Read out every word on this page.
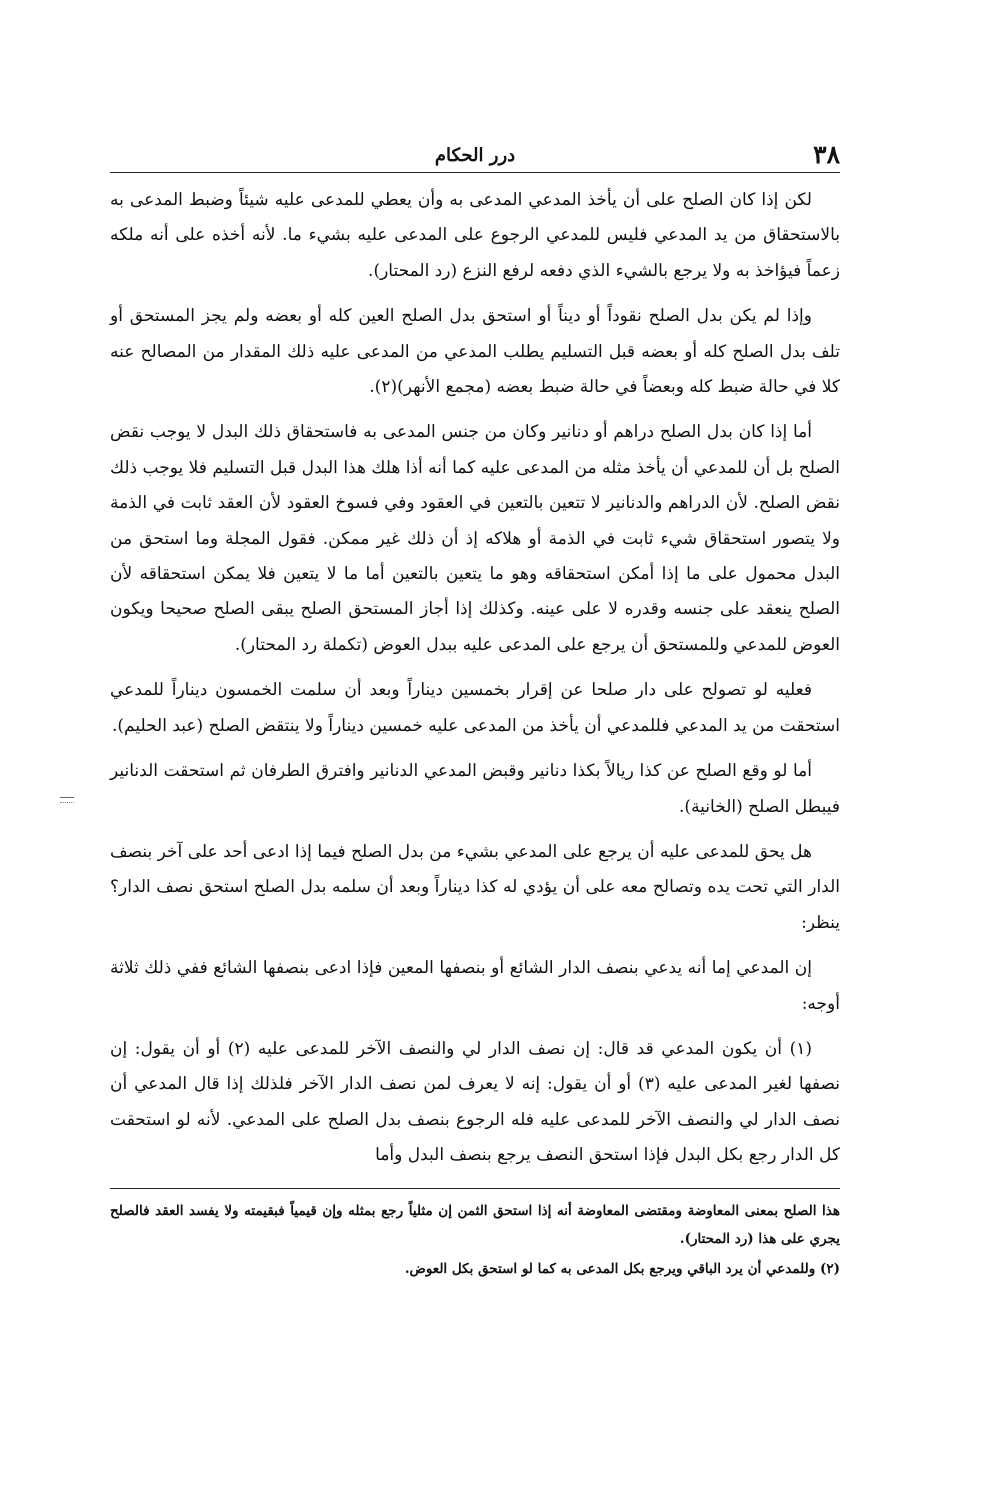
٣٨
درر الحكام

لكن إذا كان الصلح على أن يأخذ المدعي المدعى به وأن يعطي للمدعى عليه شيئاً وضبط المدعى به بالاستحقاق من يد المدعي فليس للمدعي الرجوع على المدعى عليه بشيء ما. لأنه أخذه على أنه ملكه زعماً فيؤاخذ به ولا يرجع بالشيء الذي دفعه لرفع النزع (رد المحتار).

وإذا لم يكن بدل الصلح نقوداً أو ديناً أو استحق بدل الصلح العين كله أو بعضه ولم يجز المستحق أو تلف بدل الصلح كله أو بعضه قبل التسليم يطلب المدعي من المدعى عليه ذلك المقدار من المصالح عنه كلا في حالة ضبط كله وبعضاً في حالة ضبط بعضه (مجمع الأنهر)(٢).

أما إذا كان بدل الصلح دراهم أو دنانير وكان من جنس المدعى به فاستحقاق ذلك البدل لا يوجب نقض الصلح بل أن للمدعي أن يأخذ مثله من المدعى عليه كما أنه أذا هلك هذا البدل قبل التسليم فلا يوجب ذلك نقض الصلح. لأن الدراهم والدنانير لا تتعين بالتعين في العقود وفي فسوخ العقود لأن العقد ثابت في الذمة ولا يتصور استحقاق شيء ثابت في الذمة أو هلاكه إذ أن ذلك غير ممكن. فقول المجلة وما استحق من البدل محمول على ما إذا أمكن استحقاقه وهو ما يتعين بالتعين أما ما لا يتعين فلا يمكن استحقاقه لأن الصلح ينعقد على جنسه وقدره لا على عينه. وكذلك إذا أجاز المستحق الصلح يبقى الصلح صحيحا ويكون العوض للمدعي وللمستحق أن يرجع على المدعى عليه ببدل العوض (تكملة رد المحتار).

فعليه لو تصولح على دار صلحا عن إقرار بخمسين ديناراً وبعد أن سلمت الخمسون ديناراً للمدعي استحقت من يد المدعي فللمدعي أن يأخذ من المدعى عليه خمسين ديناراً ولا ينتقض الصلح (عبد الحليم).

أما لو وقع الصلح عن كذا ريالاً بكذا دنانير وقبض المدعي الدنانير وافترق الطرفان ثم استحقت الدنانير فيبطل الصلح (الخانية).

هل يحق للمدعى عليه أن يرجع على المدعي بشيء من بدل الصلح فيما إذا ادعى أحد على آخر بنصف الدار التي تحت يده وتصالح معه على أن يؤدي له كذا ديناراً وبعد أن سلمه بدل الصلح استحق نصف الدار؟ ينظر:

إن المدعي إما أنه يدعي بنصف الدار الشائع أو بنصفها المعين فإذا ادعى بنصفها الشائع ففي ذلك ثلاثة أوجه:

(١) أن يكون المدعي قد قال: إن نصف الدار لي والنصف الآخر للمدعى عليه (٢) أو أن يقول: إن نصفها لغير المدعى عليه (٣) أو أن يقول: إنه لا يعرف لمن نصف الدار الآخر فلذلك إذا قال المدعي أن نصف الدار لي والنصف الآخر للمدعى عليه فله الرجوع بنصف بدل الصلح على المدعي. لأنه لو استحقت كل الدار رجع بكل البدل فإذا استحق النصف يرجع بنصف البدل وأما

هذا الصلح بمعنى المعاوضة ومقتضى المعاوضة أنه إذا استحق الثمن إن مثلياً رجع بمثله وإن قيمياً فبقيمته ولا يفسد العقد فالصلح يجري على هذا (رد المحتار).

(٢) وللمدعي أن يرد الباقي ويرجع بكل المدعى به كما لو استحق بكل العوض.
